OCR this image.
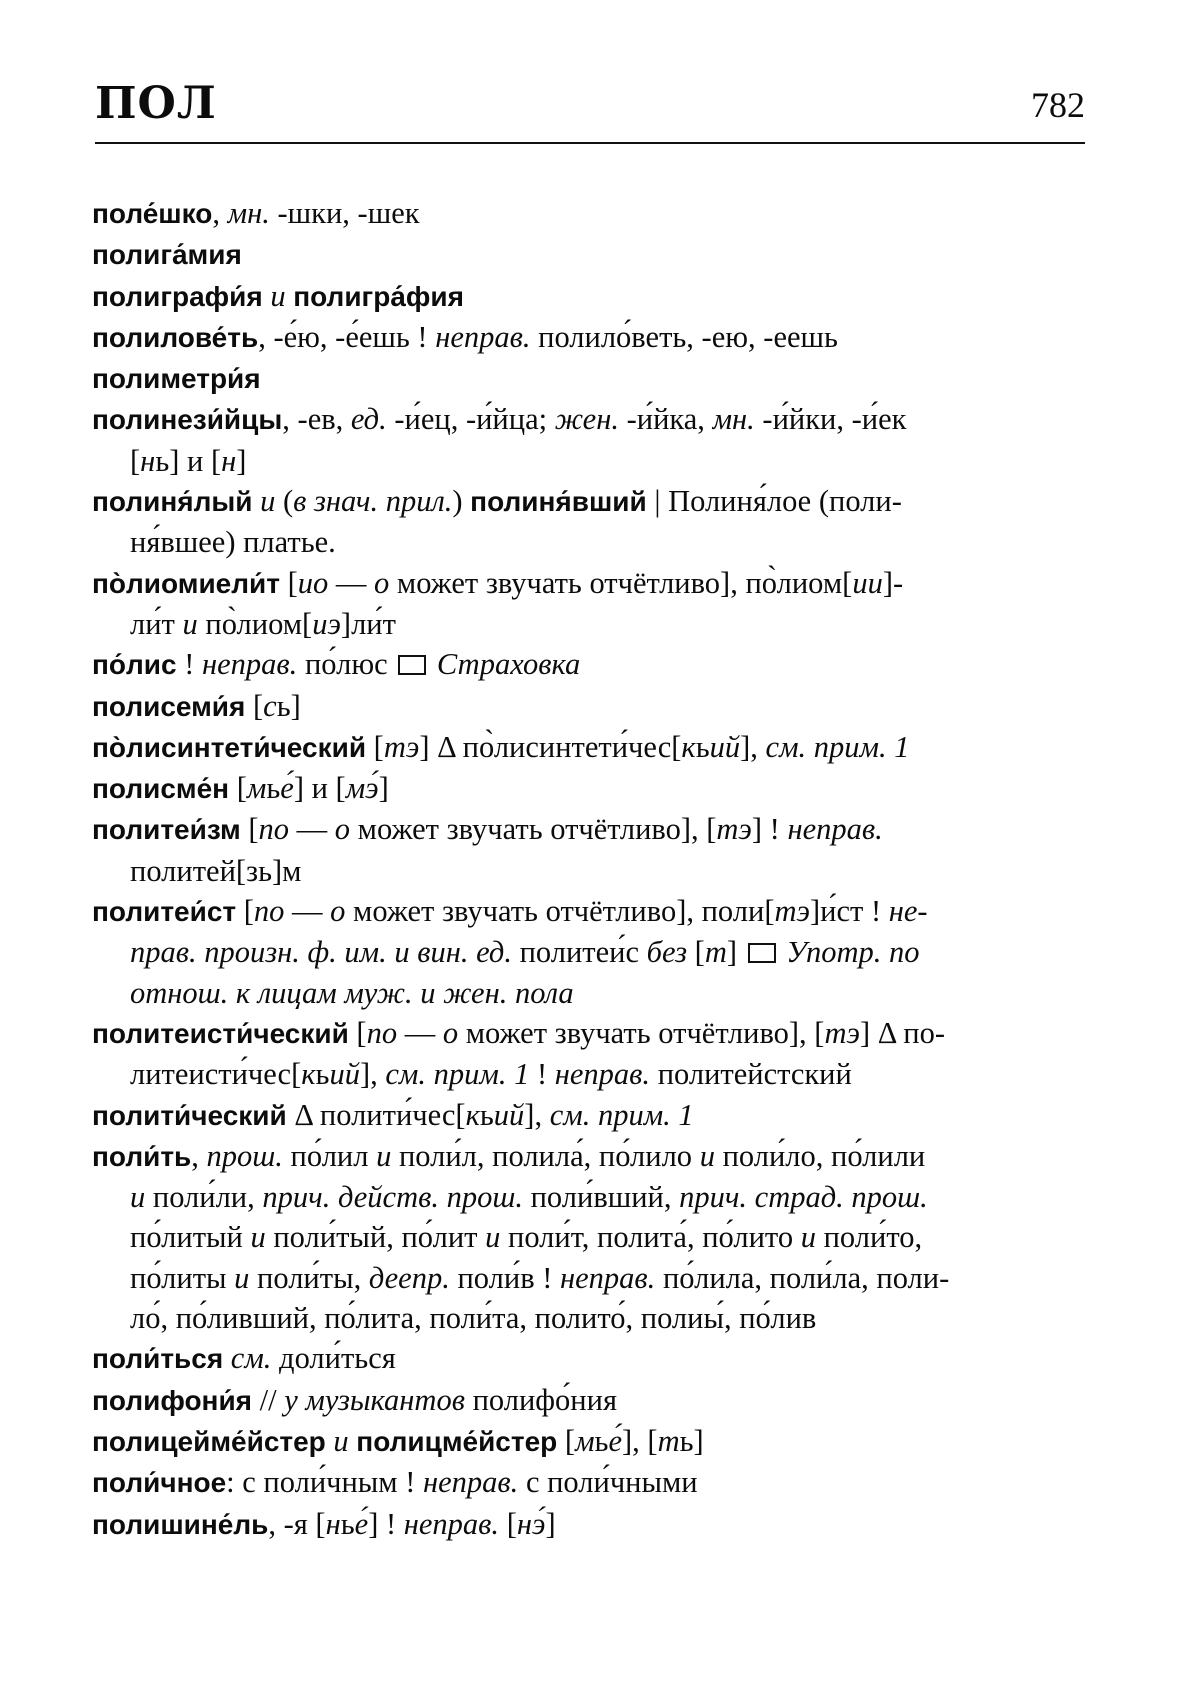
ПОЛ	782
поле́шко, мн. -шки, -шек
полига́мия
полиграфи́я и полигра́фия
полилове́ть, -е́ю, -е́ешь ! неправ. полило́веть, -ею, -еешь
полиметри́я
полинези́йцы, -ев, ед. -и́ец, -и́йца; жен. -и́йка, мн. -и́йки, -и́ек
[нь] и [н]
полиня́лый и (в знач. прил.) полиня́вший | Полиня́лое (поли-
ня́вшее) платье.
по̀лиомиели́т [ио — о может звучать отчётливо], по̀лиом[ии]-
ли́т и по̀лиом[иэ]ли́т
по́лис ! неправ. по́люс  Страховка
полисеми́я [сь]
по̀лисинтети́ческий [тэ] Δ по̀лисинтети́чес[кьий], см. прим. 1
полисме́н [мье́] и [мэ́]
политеи́зм [по — о может звучать отчётливо], [тэ] ! неправ.
политей[зь]м
политеи́ст [по — о может звучать отчётливо], поли[тэ]и́ст ! не-
прав. произн. ф. им. и вин. ед. политеи́с без [т]  Употр. по
отнош. к лицам муж. и жен. пола
политеисти́ческий [по — о может звучать отчётливо], [тэ] Δ по-
литеисти́чес[кьий], см. прим. 1 ! неправ. политейстский
полити́ческий Δ полити́чес[кьий], см. прим. 1
поли́ть, прош. по́лил и поли́л, полила́, по́лило и поли́ло, по́лили
и поли́ли, прич. действ. прош. поли́вший, прич. страд. прош.
по́литый и поли́тый, по́лит и поли́т, полита́, по́лито и поли́то,
по́литы и поли́ты, деепр. поли́в ! неправ. по́лила, поли́ла, поли-
ло́, по́ливший, по́лита, поли́та, полито́, полиы́, по́лив
поли́ться см. доли́ться
полифони́я // у музыкантов полифо́ния
полицейме́йстер и полицме́йстер [мье́], [ть]
поли́чное: с поли́чным ! неправ. с поли́чными
полишине́ль, -я [нье́] ! неправ. [нэ́]
